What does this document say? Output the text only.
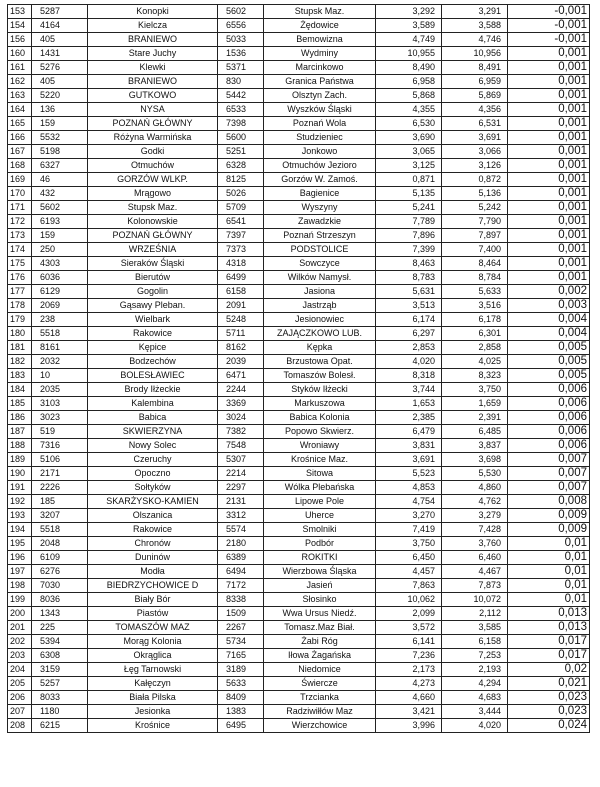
153	5287	Konopki	5602	Stupsk Maz.	3,292	3,291	-0,001
154	4164	Kielcza	6556	Żędowice	3,589	3,588	-0,001
156	405	BRANIEWO	5033	Bemowizna	4,749	4,746	-0,001
160	1431	Stare Juchy	1536	Wydminy	10,955	10,956	0,001
161	5276	Klewki	5371	Marcinkowo	8,490	8,491	0,001
162	405	BRANIEWO	830	Granica Państwa	6,958	6,959	0,001
163	5220	GUTKOWO	5442	Olsztyn Zach.	5,868	5,869	0,001
164	136	NYSA	6533	Wyszków Śląski	4,355	4,356	0,001
165	159	POZNAŃ GŁÓWNY	7398	Poznań Wola	6,530	6,531	0,001
166	5532	Różyna Warmińska	5600	Studzieniec	3,690	3,691	0,001
167	5198	Godki	5251	Jonkowo	3,065	3,066	0,001
168	6327	Otmuchów	6328	Otmuchów Jezioro	3,125	3,126	0,001
169	46	GORZÓW WLKP.	8125	Gorzów W. Zamoś.	0,871	0,872	0,001
170	432	Mrągowo	5026	Bagienice	5,135	5,136	0,001
171	5602	Stupsk Maz.	5709	Wyszyny	5,241	5,242	0,001
172	6193	Kolonowskie	6541	Zawadzkie	7,789	7,790	0,001
173	159	POZNAŃ GŁÓWNY	7397	Poznań Strzeszyn	7,896	7,897	0,001
174	250	WRZEŚNIA	7373	PODSTOLICE	7,399	7,400	0,001
175	4303	Sieraków Śląski	4318	Sowczyce	8,463	8,464	0,001
176	6036	Bierutów	6499	Wilków Namysł.	8,783	8,784	0,001
177	6129	Gogolin	6158	Jasiona	5,631	5,633	0,002
178	2069	Gąsawy Pleban.	2091	Jastrząb	3,513	3,516	0,003
179	238	Wielbark	5248	Jesionowiec	6,174	6,178	0,004
180	5518	Rakowice	5711	ZAJĄCZKOWO LUB.	6,297	6,301	0,004
181	8161	Kępice	8162	Kępka	2,853	2,858	0,005
182	2032	Bodzechów	2039	Brzustowa Opat.	4,020	4,025	0,005
183	10	BOLESŁAWIEC	6471	Tomaszów Bolesł.	8,318	8,323	0,005
184	2035	Brody Iłżeckie	2244	Styków Iłżecki	3,744	3,750	0,006
185	3103	Kalembina	3369	Markuszowa	1,653	1,659	0,006
186	3023	Babica	3024	Babica Kolonia	2,385	2,391	0,006
187	519	SKWIERZYNA	7382	Popowo Skwierz.	6,479	6,485	0,006
188	7316	Nowy Solec	7548	Wroniawy	3,831	3,837	0,006
189	5106	Czeruchy	5307	Krośnice Maz.	3,691	3,698	0,007
190	2171	Opoczno	2214	Sitowa	5,523	5,530	0,007
191	2226	Sołtyków	2297	Wólka Plebańska	4,853	4,860	0,007
192	185	SKARŻYSKO-KAMIEN	2131	Lipowe Pole	4,754	4,762	0,008
193	3207	Olszanica	3312	Uherce	3,270	3,279	0,009
194	5518	Rakowice	5574	Smolniki	7,419	7,428	0,009
195	2048	Chronów	2180	Podbór	3,750	3,760	0,01
196	6109	Duninów	6389	ROKITKI	6,450	6,460	0,01
197	6276	Modła	6494	Wierzbowa Śląska	4,457	4,467	0,01
198	7030	BIEDRZYCHOWICE D	7172	Jasień	7,863	7,873	0,01
199	8036	Biały Bór	8338	Słosinko	10,062	10,072	0,01
200	1343	Piastów	1509	Wwa Ursus Niedź.	2,099	2,112	0,013
201	225	TOMASZÓW MAZ	2267	Tomasz.Maz Biał.	3,572	3,585	0,013
202	5394	Morąg Kolonia	5734	Żabi Róg	6,141	6,158	0,017
203	6308	Okrąglica	7165	Iłowa Żagańska	7,236	7,253	0,017
204	3159	Łęg Tarnowski	3189	Niedomice	2,173	2,193	0,02
205	5257	Kałęczyn	5633	Świercze	4,273	4,294	0,021
206	8033	Biała Pilska	8409	Trzcianka	4,660	4,683	0,023
207	1180	Jesionka	1383	Radziwiłłów Maz	3,421	3,444	0,023
208	6215	Krośnice	6495	Wierzchowice	3,996	4,020	0,024
